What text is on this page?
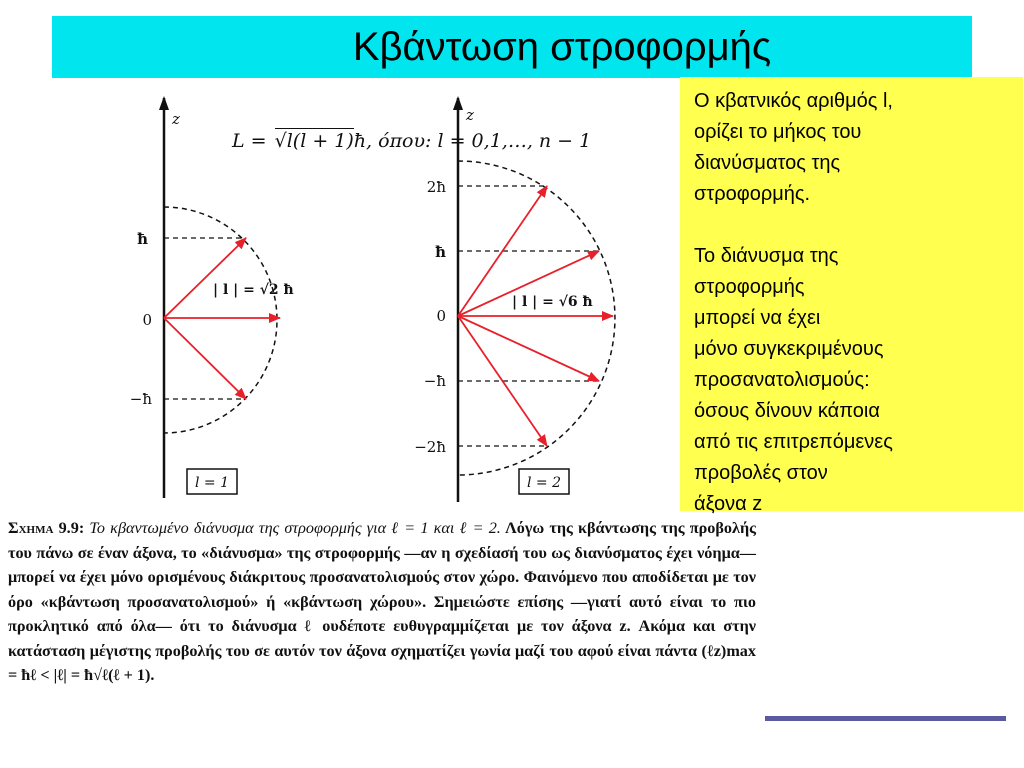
Κβάντωση στροφορμής
z
ħ
0
−ħ
| l | = √2 ħ
l = 1
z
2ħ
ħ
0
−ħ
−2ħ
| l | = √6 ħ
l = 2
L = √l(l + 1)ħ, όπου: l = 0,1,…, n − 1

Ο κβατνικός αριθμός l,

ορίζει το μήκος του

διανύσματος της

στροφορμής.

Το διάνυσμα της

στροφορμής

μπορεί να έχει

μόνο συγκεκριμένους

προσανατολισμούς:

όσους δίνουν κάποια

από τις επιτρεπόμενες

προβολές στον

άξονα z

Σχημα 9.9: Το κβαντωμένο διάνυσμα της στροφορμής για ℓ = 1 και ℓ = 2. Λόγω της κβάντωσης της προβολής του πάνω σε έναν άξονα, το «διάνυσμα» της στροφορμής —αν η σχεδίασή του ως διανύσματος έχει νόημα— μπορεί να έχει μόνο ορισμένους διάκριτους προσανατολισμούς στον χώρο. Φαινόμενο που αποδίδεται με τον όρο «κβάντωση προσανατολισμού» ή «κβάντωση χώρου». Σημειώστε επίσης —γιατί αυτό είναι το πιο προκλητικό από όλα— ότι το διάνυσμα ℓ ουδέποτε ευθυγραμμίζεται με τον άξονα z. Ακόμα και στην κατάσταση μέγιστης προβολής του σε αυτόν τον άξονα σχηματίζει γωνία μαζί του αφού είναι πάντα (ℓz)max = ħℓ < |ℓ| = ħ√ℓ(ℓ + 1).
